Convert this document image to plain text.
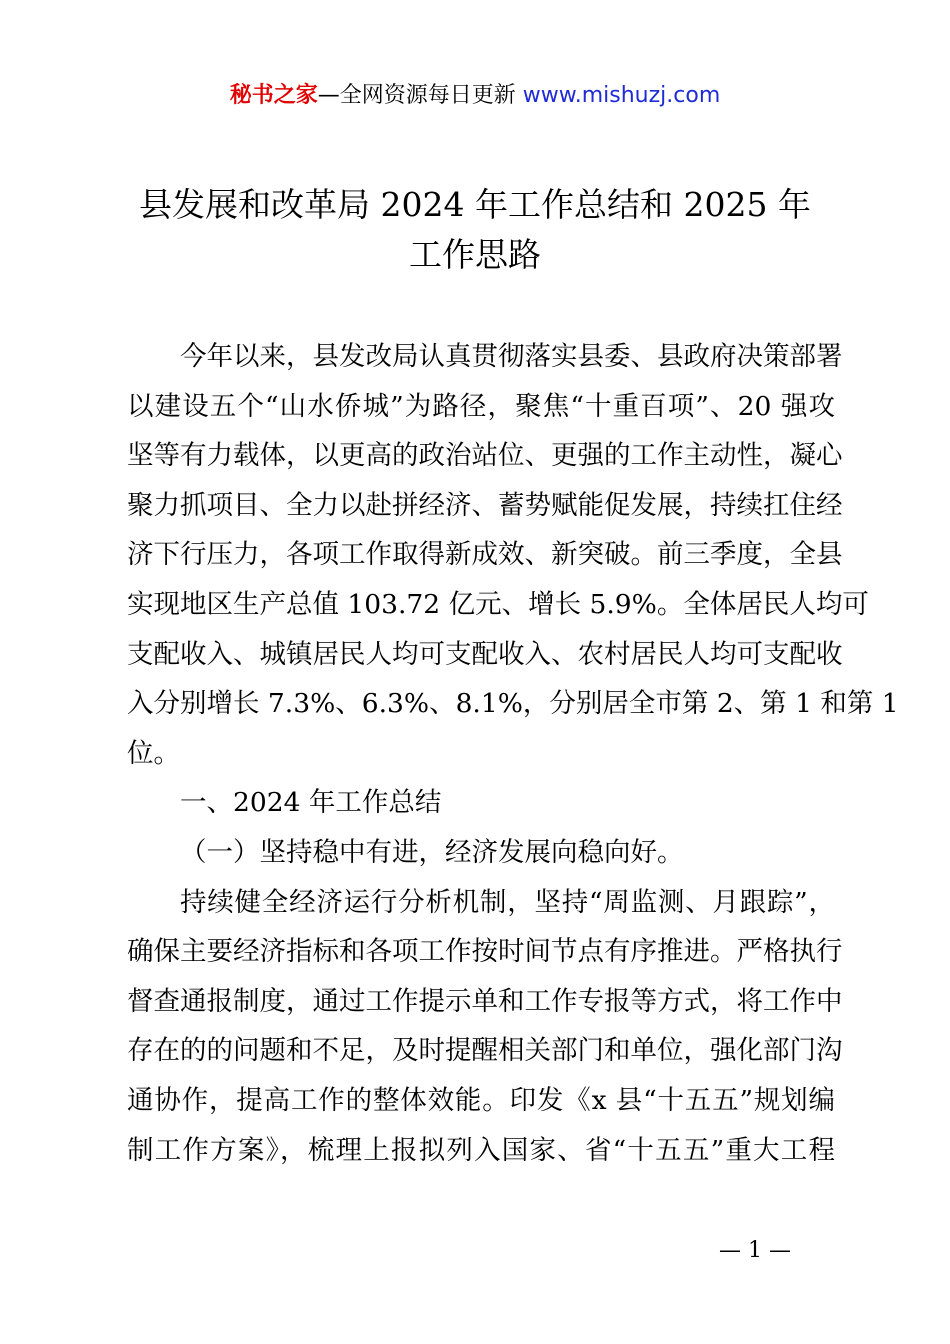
秘书之家—全网资源每日更新 www.mishuzj.com
县发展和改革局 2024 年工作总结和 2025 年
工作思路
今年以来，县发改局认真贯彻落实县委、县政府决策部署
以建设五个“山水侨城”为路径，聚焦“十重百项”、20 强攻
坚等有力载体，以更高的政治站位、更强的工作主动性，凝心
聚力抓项目、全力以赴拼经济、蓄势赋能促发展，持续扛住经
济下行压力，各项工作取得新成效、新突破。前三季度，全县
实现地区生产总值 103.72 亿元、增长 5.9%。全体居民人均可
支配收入、城镇居民人均可支配收入、农村居民人均可支配收
入分别增长 7.3%、6.3%、8.1%，分别居全市第 2、第 1 和第 1
位。
一、2024 年工作总结
（一）坚持稳中有进，经济发展向稳向好。
持续健全经济运行分析机制，坚持“周监测、月跟踪”，
确保主要经济指标和各项工作按时间节点有序推进。严格执行
督查通报制度，通过工作提示单和工作专报等方式，将工作中
存在的的问题和不足，及时提醒相关部门和单位，强化部门沟
通协作，提高工作的整体效能。印发《x 县“十五五”规划编
制工作方案》，梳理上报拟列入国家、省“十五五”重大工程
— 1 —
